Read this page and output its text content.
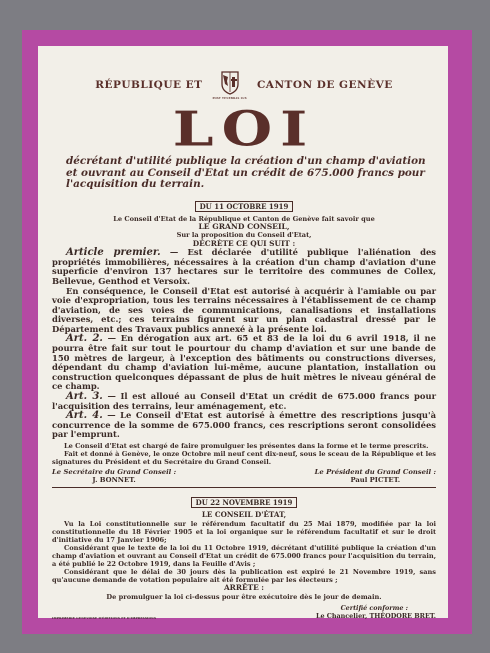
RÉPUBLIQUE ET
POST TENEBRAS LUX
CANTON DE GENÈVE
LOI
décrétant d'utilité publique la création d'un champ d'aviation et ouvrant au Conseil d'Etat un crédit de 675.000 francs pour l'acquisition du terrain.
DU 11 OCTOBRE 1919
Le Conseil d'Etat de la République et Canton de Genève fait savoir que
LE GRAND CONSEIL,
Sur la proposition du Conseil d'Etat,
DÉCRÈTE CE QUI SUIT :

Article premier. — Est déclarée d'utilité publique l'aliénation des propriétés immobilières, nécessaires à la création d'un champ d'aviation d'une superficie d'environ 137 hectares sur le territoire des communes de Collex, Bellevue, Genthod et Versoix.

En conséquence, le Conseil d'Etat est autorisé à acquérir à l'amiable ou par voie d'expropriation, tous les terrains nécessaires à l'établissement de ce champ d'aviation, de ses voies de communications, canalisations et installations diverses, etc.; ces terrains figurent sur un plan cadastral dressé par le Département des Travaux publics annexé à la présente loi.

Art. 2. — En dérogation aux art. 65 et 83 de la loi du 6 avril 1918, il ne pourra être fait sur tout le pourtour du champ d'aviation et sur une bande de 150 mètres de largeur, à l'exception des bâtiments ou constructions diverses, dépendant du champ d'aviation lui-même, aucune plantation, installation ou construction quelconques dépassant de plus de huit mètres le niveau général de ce champ.

Art. 3. — Il est alloué au Conseil d'Etat un crédit de 675.000 francs pour l'acquisition des terrains, leur aménagement, etc.

Art. 4. — Le Conseil d'Etat est autorisé à émettre des rescriptions jusqu'à concurrence de la somme de 675.000 francs, ces rescriptions seront consolidées par l'emprunt.

Le Conseil d'Etat est chargé de faire promulguer les présentes dans la forme et le terme prescrits.

Fait et donné à Genève, le onze Octobre mil neuf cent dix-neuf, sous le sceau de la République et les signatures du Président et du Secrétaire du Grand Conseil.

Le Secrétaire du Grand Conseil :
J. BONNET.
Le Président du Grand Conseil :
Paul PICTET.
DU 22 NOVEMBRE 1919
LE CONSEIL D'ÉTAT,

Vu la Loi constitutionnelle sur le référendum facultatif du 25 Mai 1879, modifiée par la loi constitutionnelle du 18 Février 1905 et la loi organique sur le référendum facultatif et sur le droit d'initiative du 17 Janvier 1906;

Considérant que le texte de la loi du 11 Octobre 1919, décrétant d'utilité publique la création d'un champ d'aviation et ouvrant au Conseil d'Etat un crédit de 675.000 francs pour l'acquisition du terrain, a été publié le 22 Octobre 1919, dans la Feuille d'Avis ;

Considérant que le délai de 30 jours dès la publication est expiré le 21 Novembre 1919, sans qu'aucune demande de votation populaire ait été formulée par les électeurs ;

ARRÊTE :
De promulguer la loi ci-dessus pour être exécutoire dès le jour de demain.
IMPRIMERIE GENEVOISE D'ÉDITIONS ET D'IMPRESSIONS
Certifié conforme :
Le Chancelier, THÉODORE BRET.
